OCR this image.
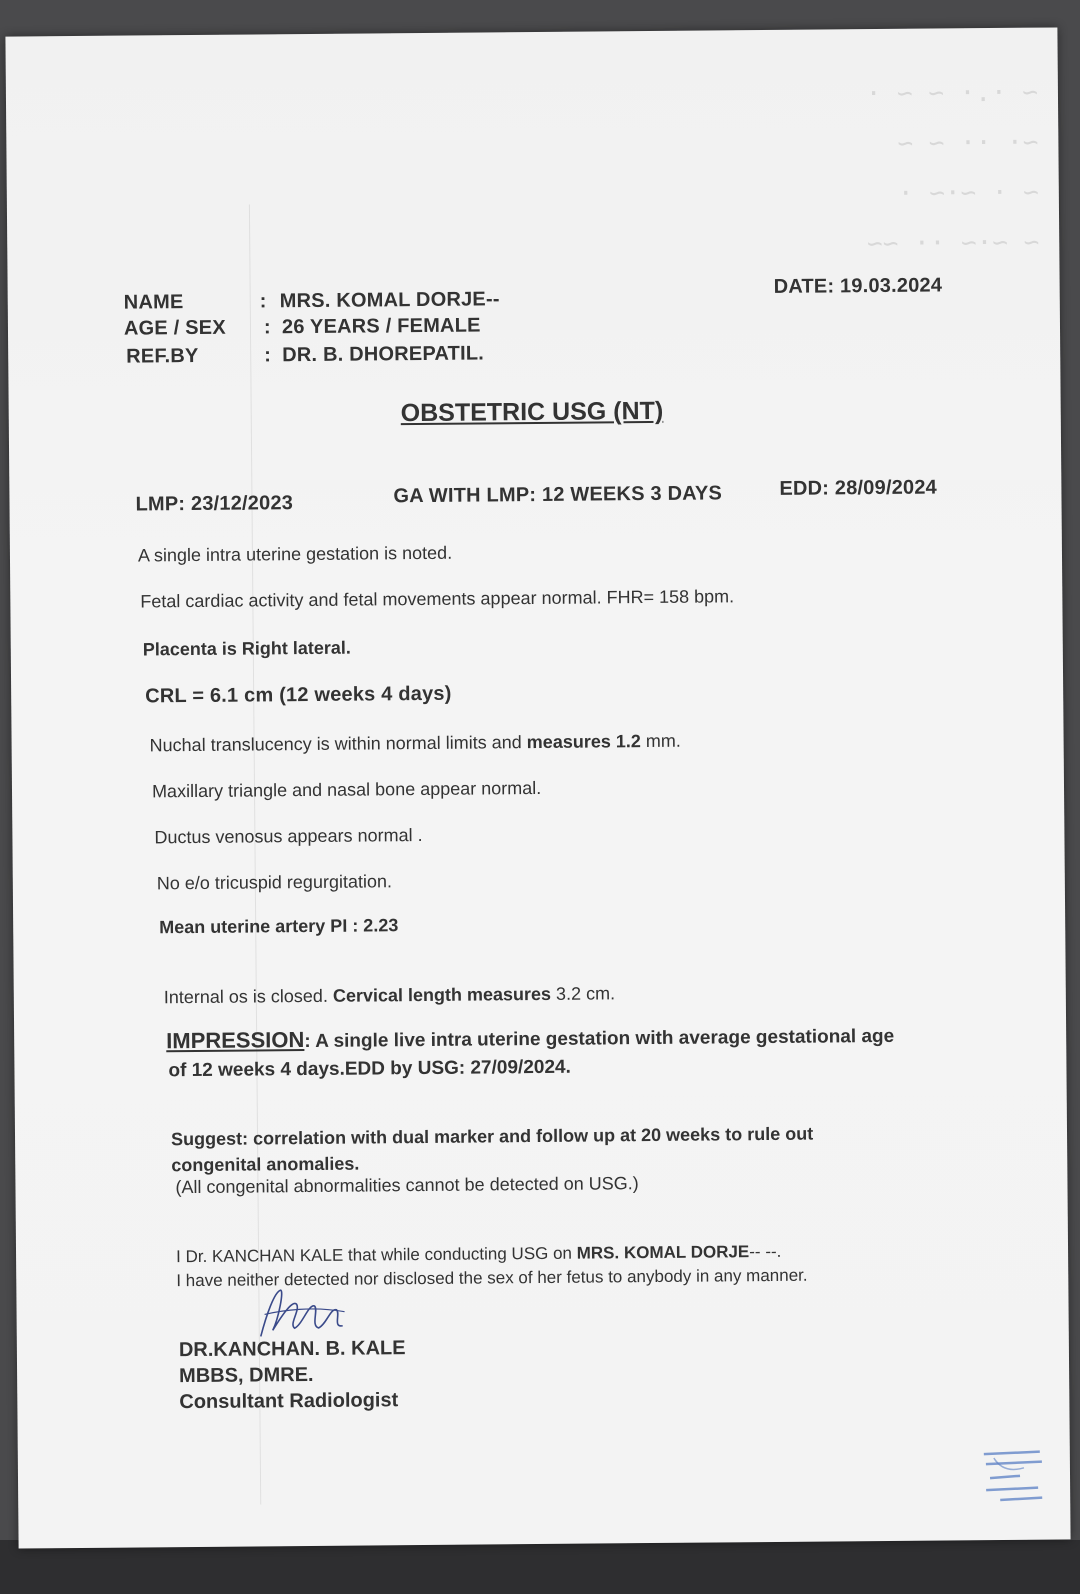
~ ·.· ~ ~ ·
~· ·· ~ ~
~ · ~·~ ·
~ ~·~ ·· ~~
NAME	: MRS. KOMAL DORJE--
AGE / SEX : 26 YEARS / FEMALE
REF.BY	: DR. B. DHOREPATIL.
DATE: 19.03.2024
OBSTETRIC USG (NT)
LMP: 23/12/2023	GA WITH LMP: 12 WEEKS 3 DAYS	EDD: 28/09/2024
A single intra uterine gestation is noted.
Fetal cardiac activity and fetal movements appear normal. FHR= 158 bpm.
Placenta is Right lateral.
CRL = 6.1 cm (12 weeks 4 days)
Nuchal translucency is within normal limits and measures 1.2 mm.
Maxillary triangle and nasal bone appear normal.
Ductus venosus appears normal .
No e/o tricuspid regurgitation.
Mean uterine artery PI : 2.23
Internal os is closed. Cervical length measures 3.2 cm.
IMPRESSION: A single live intra uterine gestation with average gestational age
of 12 weeks 4 days.EDD by USG: 27/09/2024.
Suggest: correlation with dual marker and follow up at 20 weeks to rule out
congenital anomalies.
(All congenital abnormalities cannot be detected on USG.)
I Dr. KANCHAN KALE that while conducting USG on MRS. KOMAL DORJE-- --.
I have neither detected nor disclosed the sex of her fetus to anybody in any manner.
DR.KANCHAN. B. KALE
MBBS, DMRE.
Consultant Radiologist
